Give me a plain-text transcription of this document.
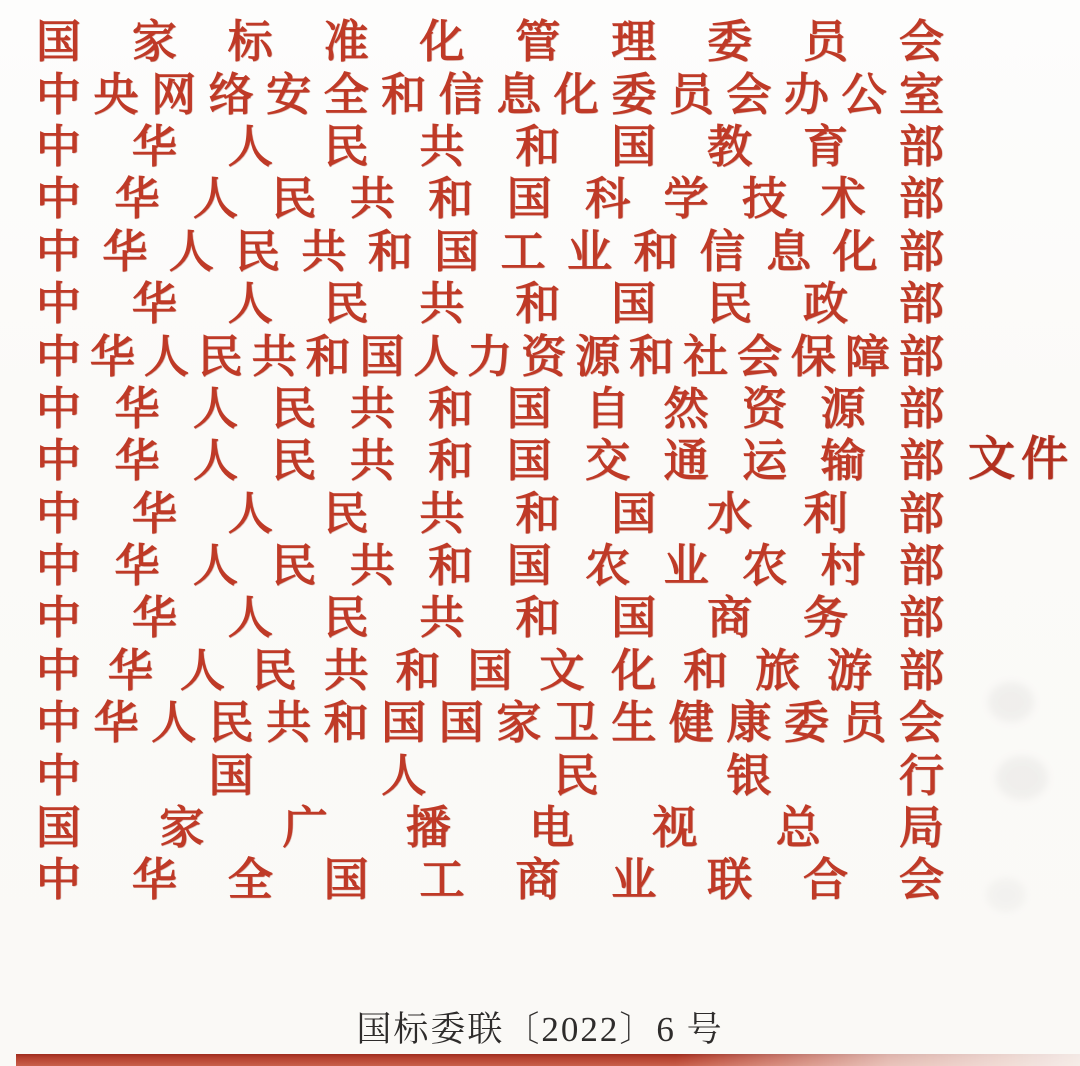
国 家 标 准 化 管 理 委 员 会
中 央 网 络 安 全 和 信 息 化 委 员 会 办 公 室
中 华 人 民 共 和 国 教 育 部
中 华 人 民 共 和 国 科 学 技 术 部
中 华 人 民 共 和 国 工 业 和 信 息 化 部
中 华 人 民 共 和 国 民 政 部
中 华 人 民 共 和 国 人 力 资 源 和 社 会 保 障 部
中 华 人 民 共 和 国 自 然 资 源 部
中 华 人 民 共 和 国 交 通 运 输 部
中 华 人 民 共 和 国 水 利 部
中 华 人 民 共 和 国 农 业 农 村 部
中 华 人 民 共 和 国 商 务 部
中 华 人 民 共 和 国 文 化 和 旅 游 部
中 华 人 民 共 和 国 国 家 卫 生 健 康 委 员 会
中	国	人	民	银	行
国 家 广 播 电 视 总 局
中 华 全 国 工 商 业 联 合 会
文 件
国标委联〔2022〕6 号
